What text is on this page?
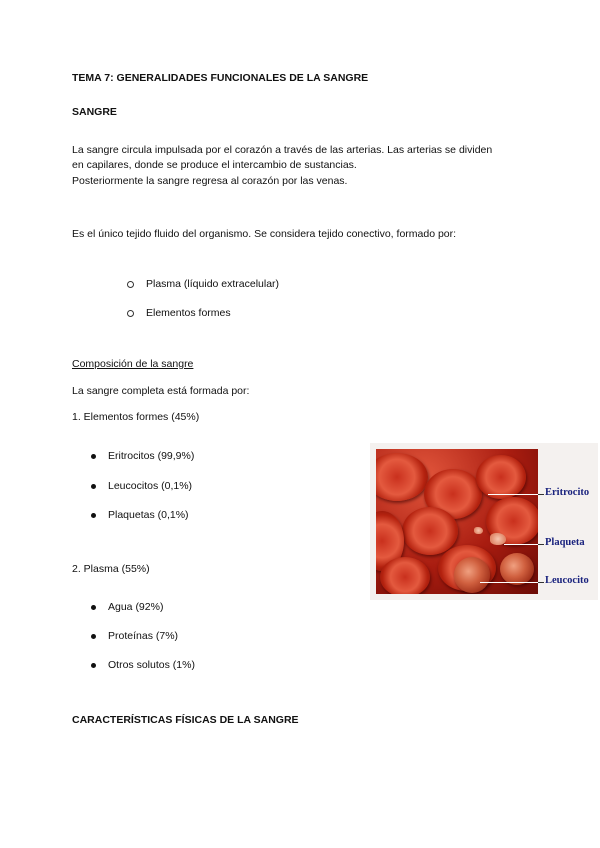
TEMA 7: GENERALIDADES FUNCIONALES DE LA SANGRE
SANGRE
La sangre circula impulsada por el corazón a través de las arterias. Las arterias se dividen
en capilares, donde se produce el intercambio de sustancias.
Posteriormente la sangre regresa al corazón por las venas.
Es el único tejido fluido del organismo. Se considera tejido conectivo, formado por:
Plasma (líquido extracelular)
Elementos formes
Composición de la sangre
La sangre completa está formada por:
1. Elementos formes (45%)
Eritrocitos (99,9%)
Leucocitos (0,1%)
Plaquetas (0,1%)
2. Plasma (55%)
Agua (92%)
Proteínas (7%)
Otros solutos (1%)
CARACTERÍSTICAS FÍSICAS DE LA SANGRE
Eritrocito
Plaqueta
Leucocito
